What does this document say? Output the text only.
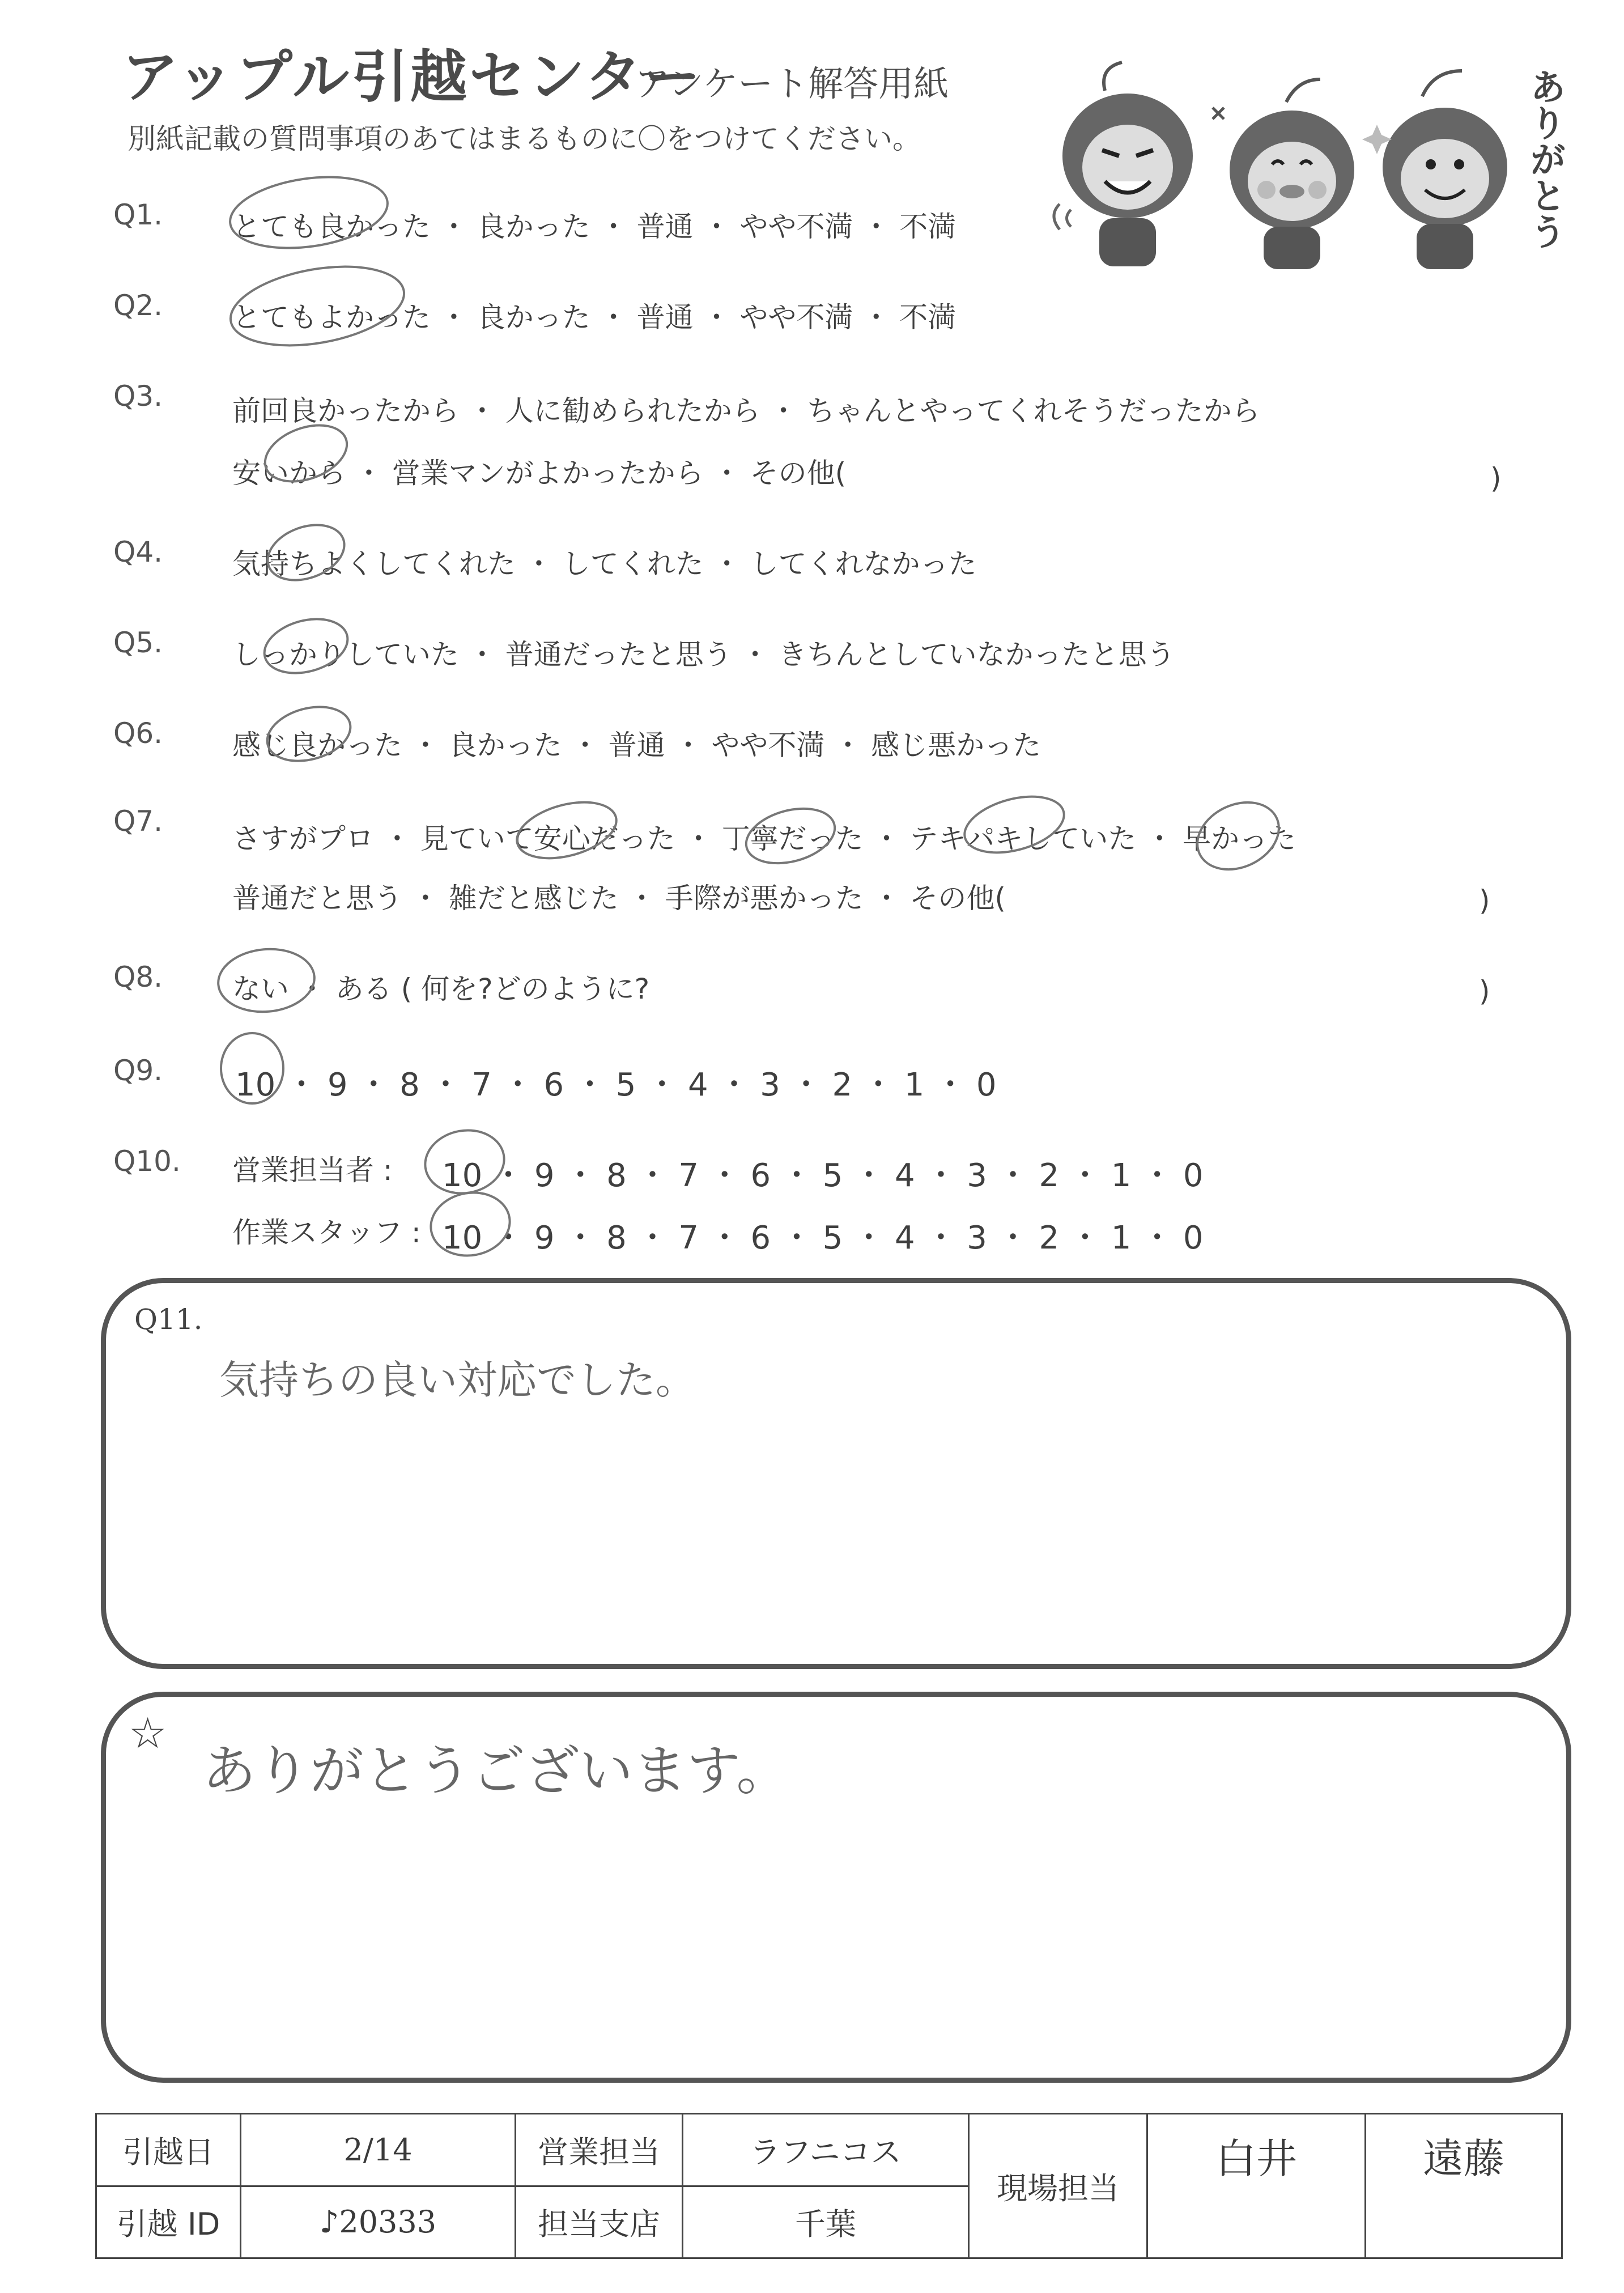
アップル引越センター
アンケート解答用紙
別紙記載の質問事項のあてはまるものに〇をつけてください。	ありがとう
Q1. とても良かった ・ 良かった ・ 普通 ・ やや不満 ・ 不満
Q2. とてもよかった ・ 良かった ・ 普通 ・ やや不満 ・ 不満
Q3. 前回良かったから ・ 人に勧められたから ・ ちゃんとやってくれそうだったから
安いから ・ 営業マンがよかったから ・ その他(	)
Q4. 気持ちよくしてくれた ・ してくれた ・ してくれなかった
Q5. しっかりしていた ・ 普通だったと思う ・ きちんとしていなかったと思う
Q6. 感じ良かった ・ 良かった ・ 普通 ・ やや不満 ・ 感じ悪かった
Q7.
さすがプロ ・ 見ていて安心だった ・ 丁寧だった ・ テキパキしていた ・ 早かった
普通だと思う ・ 雑だと感じた ・ 手際が悪かった ・ その他(	)
Q8. ない ・ ある ( 何を?どのように?	)
Q9. 10 ・ 9 ・ 8 ・ 7 ・ 6 ・ 5 ・ 4 ・ 3 ・ 2 ・ 1 ・ 0
Q10. 営業担当者 : 10 ・ 9 ・ 8 ・ 7 ・ 6 ・ 5 ・ 4 ・ 3 ・ 2 ・ 1 ・ 0
作業スタッフ : 10 ・ 9 ・ 8 ・ 7 ・ 6 ・ 5 ・ 4 ・ 3 ・ 2 ・ 1 ・ 0
Q11.
気持ちの良い対応でした。
☆
ありがとうございます。
引越日	2/14	営業担当	ラフニコス	現場担当	白井	遠藤
引越 ID	♪20333	担当支店	千葉			
